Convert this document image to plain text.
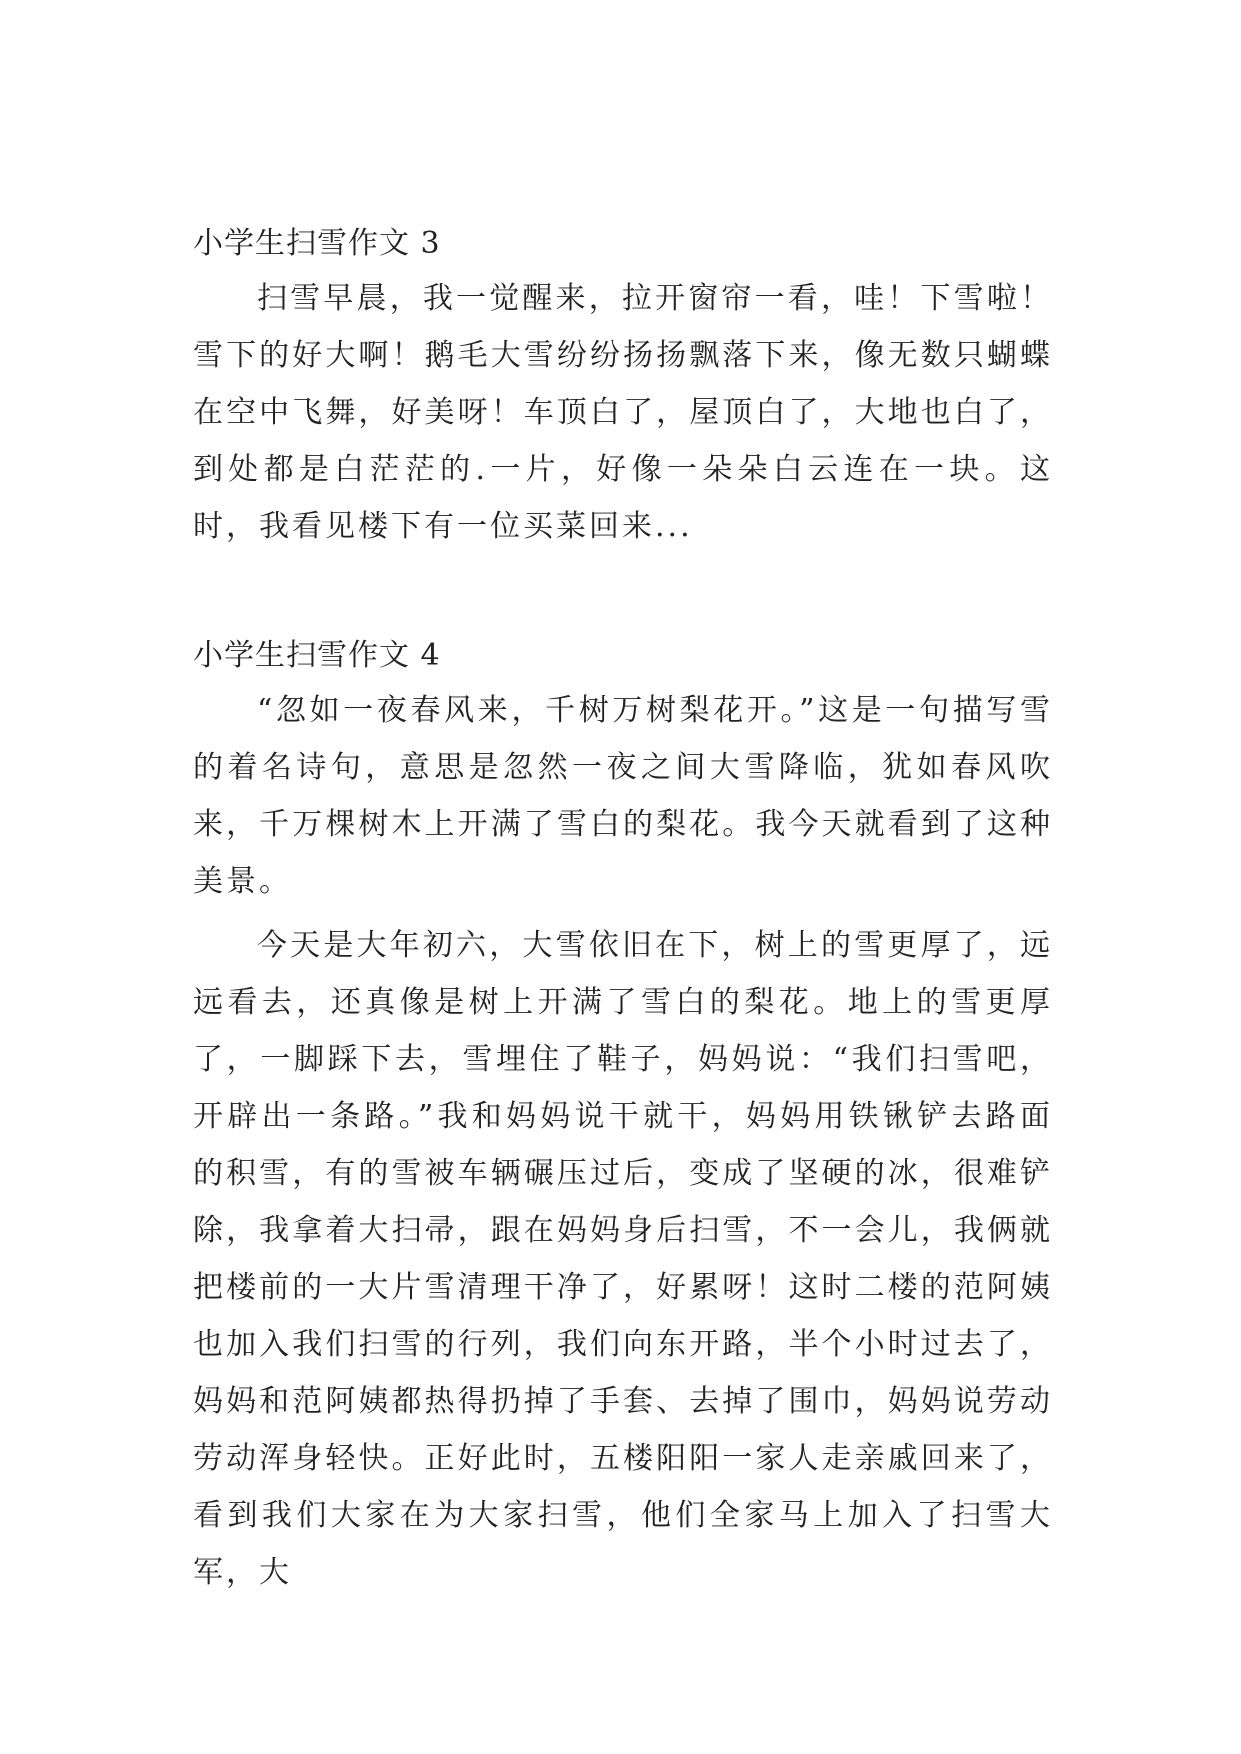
小学生扫雪作文 3

扫雪早晨，我一觉醒来，拉开窗帘一看，哇！下雪啦！雪下的好大啊！鹅毛大雪纷纷扬扬飘落下来，像无数只蝴蝶在空中飞舞，好美呀！车顶白了，屋顶白了，大地也白了，到处都是白茫茫的.一片，好像一朵朵白云连在一块。这时，我看见楼下有一位买菜回来...

小学生扫雪作文 4

“忽如一夜春风来，千树万树梨花开。”这是一句描写雪的着名诗句，意思是忽然一夜之间大雪降临，犹如春风吹来，千万棵树木上开满了雪白的梨花。我今天就看到了这种美景。

今天是大年初六，大雪依旧在下，树上的雪更厚了，远远看去，还真像是树上开满了雪白的梨花。地上的雪更厚了，一脚踩下去，雪埋住了鞋子，妈妈说：“我们扫雪吧，开辟出一条路。”我和妈妈说干就干，妈妈用铁锹铲去路面的积雪，有的雪被车辆碾压过后，变成了坚硬的冰，很难铲除，我拿着大扫帚，跟在妈妈身后扫雪，不一会儿，我俩就把楼前的一大片雪清理干净了，好累呀！这时二楼的范阿姨也加入我们扫雪的行列，我们向东开路，半个小时过去了，妈妈和范阿姨都热得扔掉了手套、去掉了围巾，妈妈说劳动劳动浑身轻快。正好此时，五楼阳阳一家人走亲戚回来了，看到我们大家在为大家扫雪，他们全家马上加入了扫雪大军，大
